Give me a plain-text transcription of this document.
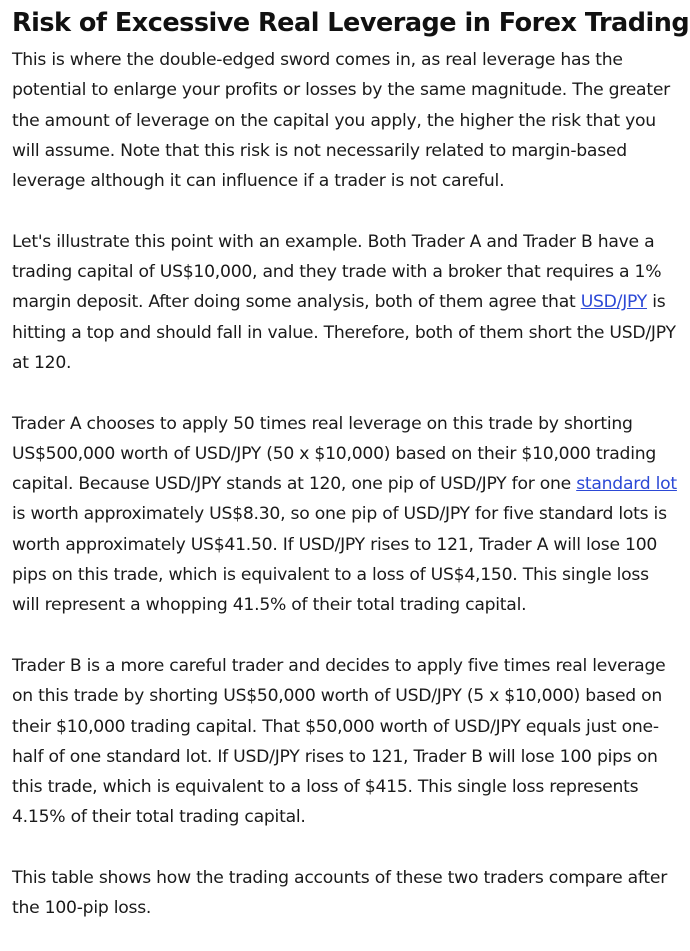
Risk of Excessive Real Leverage in Forex Trading

This is where the double-edged sword comes in, as real leverage has the potential to enlarge your profits or losses by the same magnitude. The greater the amount of leverage on the capital you apply, the higher the risk that you will assume. Note that this risk is not necessarily related to margin-based leverage although it can influence if a trader is not careful.

Let's illustrate this point with an example. Both Trader A and Trader B have a trading capital of US$10,000, and they trade with a broker that requires a 1% margin deposit. After doing some analysis, both of them agree that USD/JPY is hitting a top and should fall in value. Therefore, both of them short the USD/JPY at 120.

Trader A chooses to apply 50 times real leverage on this trade by shorting US$500,000 worth of USD/JPY (50 x $10,000) based on their $10,000 trading capital. Because USD/JPY stands at 120, one pip of USD/JPY for one standard lot is worth approximately US$8.30, so one pip of USD/JPY for five standard lots is worth approximately US$41.50. If USD/JPY rises to 121, Trader A will lose 100 pips on this trade, which is equivalent to a loss of US$4,150. This single loss will represent a whopping 41.5% of their total trading capital.

Trader B is a more careful trader and decides to apply five times real leverage on this trade by shorting US$50,000 worth of USD/JPY (5 x $10,000) based on their $10,000 trading capital. That $50,000 worth of USD/JPY equals just one-half of one standard lot. If USD/JPY rises to 121, Trader B will lose 100 pips on this trade, which is equivalent to a loss of $415. This single loss represents 4.15% of their total trading capital.

This table shows how the trading accounts of these two traders compare after the 100-pip loss.
